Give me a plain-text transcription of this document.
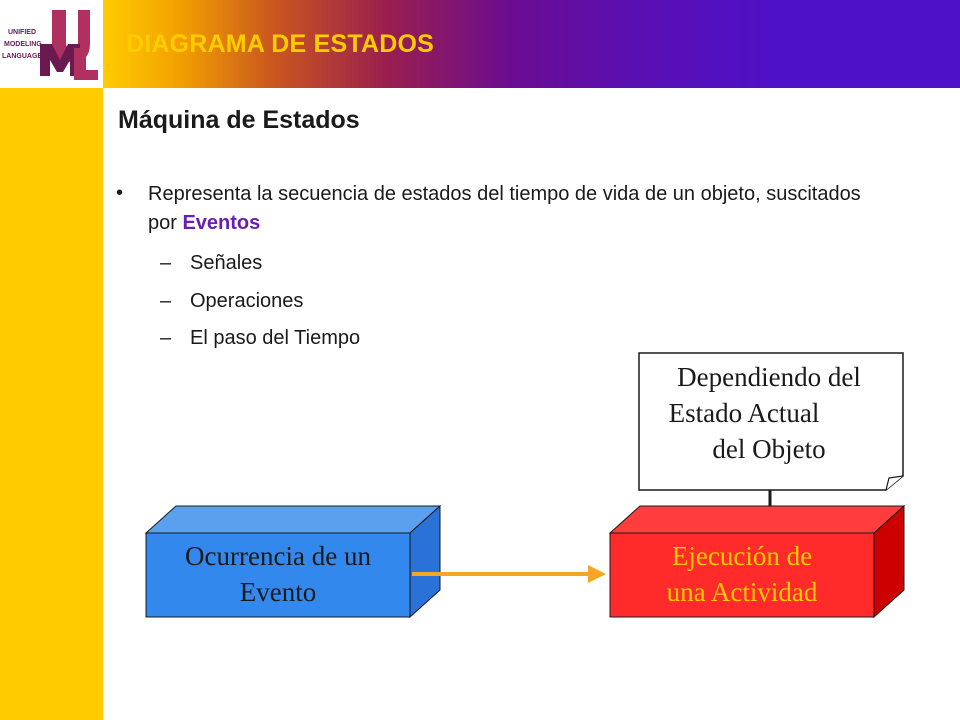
UNIFIED
MODELING
LANGUAGE	DIAGRAMA DE ESTADOS
Máquina de Estados
• Representa la secuencia de estados del tiempo de vida de un objeto, suscitados por Eventos
– Señales
– Operaciones
– El paso del Tiempo
Dependiendo del
Estado Actual
del Objeto
Ocurrencia de un
Evento
Ejecución de
una Actividad
